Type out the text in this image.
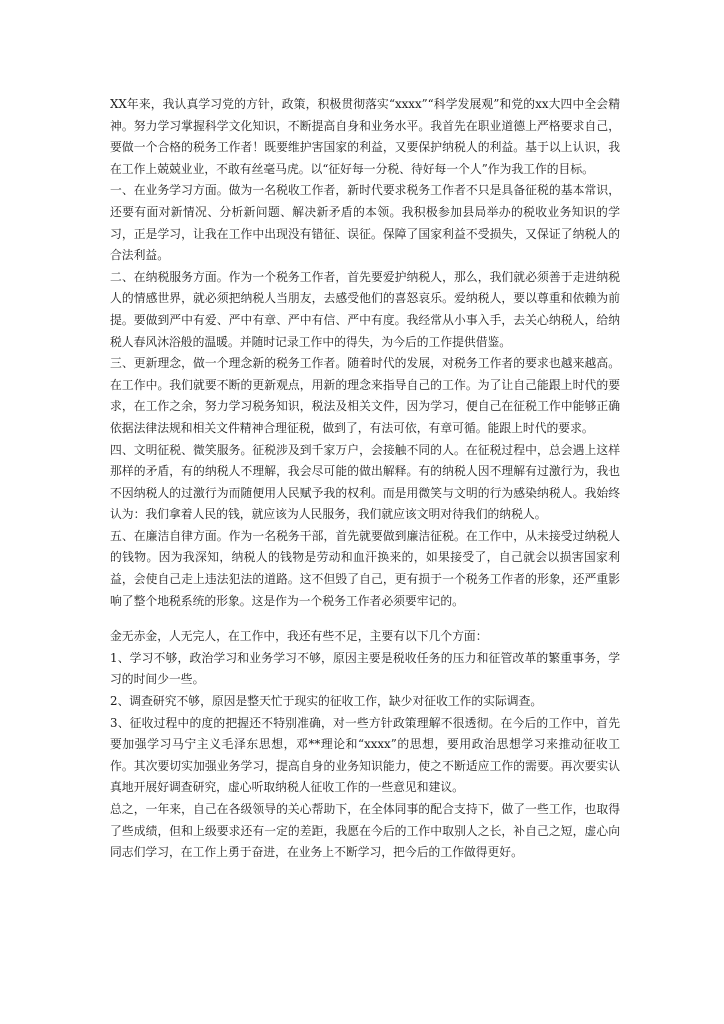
XX年来，我认真学习党的方针，政策，积极贯彻落实“xxxx”“科学发展观”和党的xx大四中全会精神。努力学习掌握科学文化知识，不断提高自身和业务水平。我首先在职业道德上严格要求自己，要做一个合格的税务工作者！既要维护害国家的利益，又要保护纳税人的利益。基于以上认识，我在工作上兢兢业业，不敢有丝毫马虎。以“征好每一分税、待好每一个人”作为我工作的目标。

一、在业务学习方面。做为一名税收工作者，新时代要求税务工作者不只是具备征税的基本常识，还要有面对新情况、分析新问题、解决新矛盾的本领。我积极参加县局举办的税收业务知识的学习，正是学习，让我在工作中出现没有错征、误征。保障了国家利益不受损失，又保证了纳税人的合法利益。

二、在纳税服务方面。作为一个税务工作者，首先要爱护纳税人，那么，我们就必须善于走进纳税人的情感世界，就必须把纳税人当朋友，去感受他们的喜怒哀乐。爱纳税人，要以尊重和依赖为前提。要做到严中有爱、严中有章、严中有信、严中有度。我经常从小事入手，去关心纳税人，给纳税人春风沐浴般的温暖。并随时记录工作中的得失，为今后的工作提供借鉴。

三、更新理念，做一个理念新的税务工作者。随着时代的发展，对税务工作者的要求也越来越高。在工作中。我们就要不断的更新观点，用新的理念来指导自己的工作。为了让自己能跟上时代的要求，在工作之余，努力学习税务知识，税法及相关文件，因为学习，便自己在征税工作中能够正确依据法律法规和相关文件精神合理征税，做到了，有法可依，有章可循。能跟上时代的要求。

四、文明征税、微笑服务。征税涉及到千家万户，会接触不同的人。在征税过程中，总会遇上这样那样的矛盾，有的纳税人不理解，我会尽可能的做出解释。有的纳税人因不理解有过激行为，我也不因纳税人的过激行为而随便用人民赋予我的权利。而是用微笑与文明的行为感染纳税人。我始终认为：我们拿着人民的钱，就应该为人民服务，我们就应该文明对待我们的纳税人。

五、在廉洁自律方面。作为一名税务干部，首先就要做到廉洁征税。在工作中，从未接受过纳税人的钱物。因为我深知，纳税人的钱物是劳动和血汗换来的，如果接受了，自己就会以损害国家利益，会使自己走上违法犯法的道路。这不但毁了自己，更有损于一个税务工作者的形象，还严重影响了整个地税系统的形象。这是作为一个税务工作者必须要牢记的。

金无赤金，人无完人，在工作中，我还有些不足，主要有以下几个方面：

1、学习不够，政治学习和业务学习不够，原因主要是税收任务的压力和征管改革的繁重事务，学习的时间少一些。

2、调查研究不够，原因是整天忙于现实的征收工作，缺少对征收工作的实际调查。

3、征收过程中的度的把握还不特别准确，对一些方针政策理解不很透彻。在今后的工作中，首先要加强学习马宁主义毛泽东思想，邓**理论和“xxxx”的思想，要用政治思想学习来推动征收工作。其次要切实加强业务学习，提高自身的业务知识能力，使之不断适应工作的需要。再次要实认真地开展好调查研究，虚心听取纳税人征收工作的一些意见和建议。

总之，一年来，自己在各级领导的关心帮助下，在全体同事的配合支持下，做了一些工作，也取得了些成绩，但和上级要求还有一定的差距，我愿在今后的工作中取别人之长，补自己之短，虚心向同志们学习，在工作上勇于奋进，在业务上不断学习，把今后的工作做得更好。
